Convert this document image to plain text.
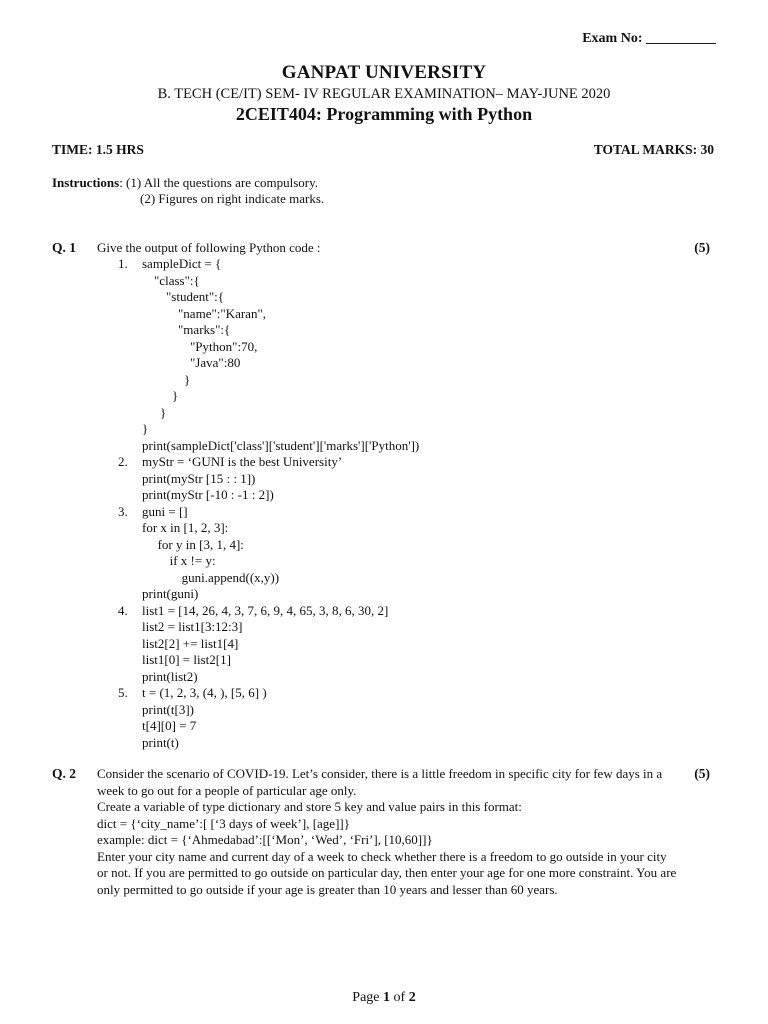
Exam No: __________
GANPAT UNIVERSITY
B. TECH (CE/IT) SEM- IV REGULAR EXAMINATION– MAY-JUNE 2020
2CEIT404: Programming with Python
TIME: 1.5 HRS	TOTAL MARKS: 30
Instructions: (1) All the questions are compulsory.
(2) Figures on right indicate marks.
Q. 1 Give the output of following Python code :	(5)
1.	sampleDict = {
"class":{
"student":{
"name":"Karan",
"marks":{
"Python":70,
"Java":80
}
}
}
}
print(sampleDict['class']['student']['marks']['Python'])
2.	myStr = ‘GUNI is the best University’
print(myStr [15 : : 1])
print(myStr [-10 : -1 : 2])
3.	guni = []
for x in [1, 2, 3]:
for y in [3, 1, 4]:
if x != y:
guni.append((x,y))
print(guni)
4.	list1 = [14, 26, 4, 3, 7, 6, 9, 4, 65, 3, 8, 6, 30, 2]
list2 = list1[3:12:3]
list2[2] += list1[4]
list1[0] = list2[1]
print(list2)
5.	t = (1, 2, 3, (4, ), [5, 6] )
print(t[3])
t[4][0] = 7
print(t)
Q. 2	(5)

Consider the scenario of COVID-19. Let’s consider, there is a little freedom in specific city for few days in a week to go out for a people of particular age only.

Create a variable of type dictionary and store 5 key and value pairs in this format:

dict = {‘city_name’:[ [‘3 days of week’], [age]]}

example: dict = {‘Ahmedabad’:[[‘Mon’, ‘Wed’, ‘Fri’], [10,60]]}

Enter your city name and current day of a week to check whether there is a freedom to go outside in your city or not. If you are permitted to go outside on particular day, then enter your age for one more constraint. You are only permitted to go outside if your age is greater than 10 years and lesser than 60 years.

Page 1 of 2
